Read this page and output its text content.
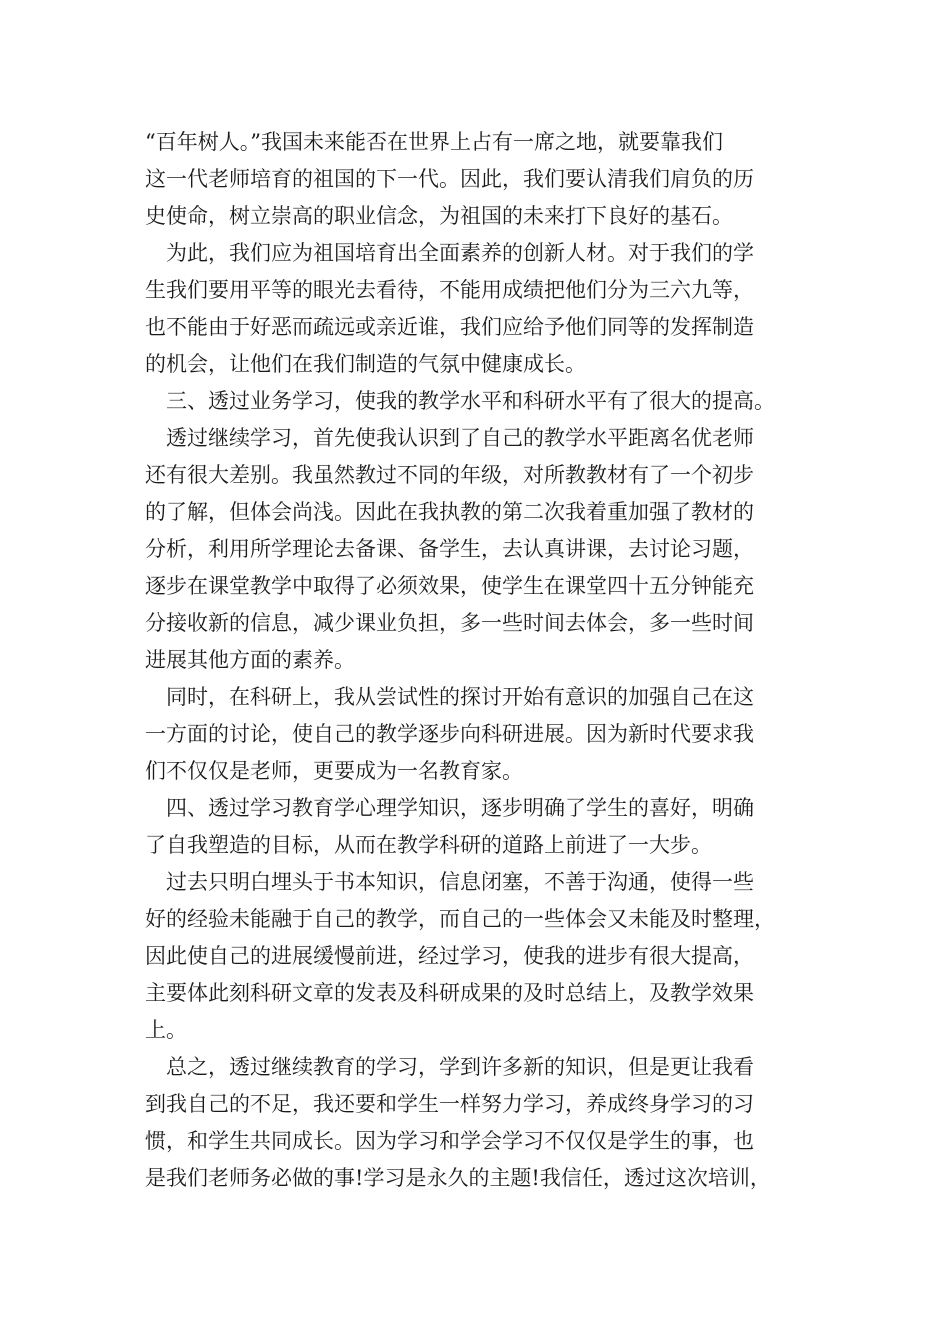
“百年树人。”我国未来能否在世界上占有一席之地，就要靠我们
这一代老师培育的祖国的下一代。因此，我们要认清我们肩负的历
史使命，树立崇高的职业信念，为祖国的未来打下良好的基石。

为此，我们应为祖国培育出全面素养的创新人材。对于我们的学
生我们要用平等的眼光去看待，不能用成绩把他们分为三六九等，
也不能由于好恶而疏远或亲近谁，我们应给予他们同等的发挥制造
的机会，让他们在我们制造的气氛中健康成长。

三、透过业务学习，使我的教学水平和科研水平有了很大的提高。

透过继续学习，首先使我认识到了自己的教学水平距离名优老师
还有很大差别。我虽然教过不同的年级，对所教教材有了一个初步
的了解，但体会尚浅。因此在我执教的第二次我着重加强了教材的
分析，利用所学理论去备课、备学生，去认真讲课，去讨论习题，
逐步在课堂教学中取得了必须效果，使学生在课堂四十五分钟能充
分接收新的信息，减少课业负担，多一些时间去体会，多一些时间
进展其他方面的素养。

同时，在科研上，我从尝试性的探讨开始有意识的加强自己在这
一方面的讨论，使自己的教学逐步向科研进展。因为新时代要求我
们不仅仅是老师，更要成为一名教育家。

四、透过学习教育学心理学知识，逐步明确了学生的喜好，明确
了自我塑造的目标，从而在教学科研的道路上前进了一大步。

过去只明白埋头于书本知识，信息闭塞，不善于沟通，使得一些
好的经验未能融于自己的教学，而自己的一些体会又未能及时整理，
因此使自己的进展缓慢前进，经过学习，使我的进步有很大提高，
主要体此刻科研文章的发表及科研成果的及时总结上，及教学效果
上。

总之，透过继续教育的学习，学到许多新的知识，但是更让我看
到我自己的不足，我还要和学生一样努力学习，养成终身学习的习
惯，和学生共同成长。因为学习和学会学习不仅仅是学生的事，也
是我们老师务必做的事!学习是永久的主题!我信任，透过这次培训，
